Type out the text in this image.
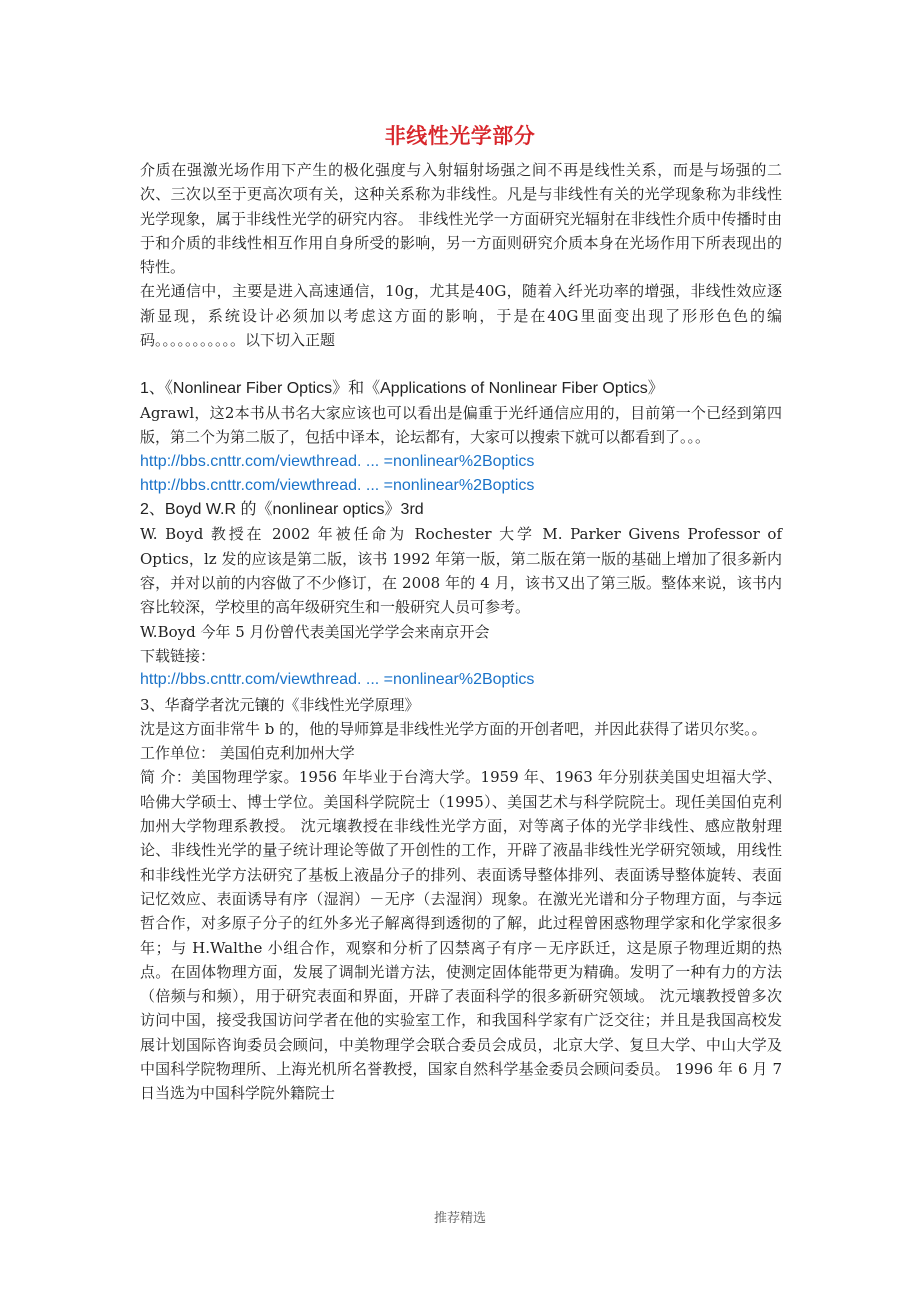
非线性光学部分

介质在强激光场作用下产生的极化强度与入射辐射场强之间不再是线性关系，而是与场强的二次、三次以至于更高次项有关，这种关系称为非线性。凡是与非线性有关的光学现象称为非线性光学现象，属于非线性光学的研究内容。 非线性光学一方面研究光辐射在非线性介质中传播时由于和介质的非线性相互作用自身所受的影响，另一方面则研究介质本身在光场作用下所表现出的特性。

在光通信中，主要是进入高速通信，10g，尤其是40G，随着入纤光功率的增强，非线性效应逐渐显现，系统设计必须加以考虑这方面的影响，于是在40G里面变出现了形形色色的编码。。。。。。。。。。。以下切入正题

1、《Nonlinear Fiber Optics》和《Applications of Nonlinear Fiber Optics》

Agrawl，这2本书从书名大家应该也可以看出是偏重于光纤通信应用的，目前第一个已经到第四版，第二个为第二版了，包括中译本，论坛都有，大家可以搜索下就可以都看到了。。。

http://bbs.cnttr.com/viewthread. ... =nonlinear%2Boptics
http://bbs.cnttr.com/viewthread. ... =nonlinear%2Boptics

2、Boyd W.R 的《nonlinear optics》3rd

W. Boyd 教授在 2002 年被任命为 Rochester 大学 M. Parker Givens Professor of Optics，lz 发的应该是第二版，该书 1992 年第一版，第二版在第一版的基础上增加了很多新内容，并对以前的内容做了不少修订，在 2008 年的 4 月，该书又出了第三版。整体来说，该书内容比较深，学校里的高年级研究生和一般研究人员可参考。

W.Boyd 今年 5 月份曾代表美国光学学会来南京开会

下载链接：

http://bbs.cnttr.com/viewthread. ... =nonlinear%2Boptics

3、华裔学者沈元镶的《非线性光学原理》

沈是这方面非常牛 b 的，他的导师算是非线性光学方面的开创者吧，并因此获得了诺贝尔奖。。

工作单位： 美国伯克利加州大学

简 介：美国物理学家。1956 年毕业于台湾大学。1959 年、1963 年分别获美国史坦福大学、哈佛大学硕士、博士学位。美国科学院院士（1995）、美国艺术与科学院院士。现任美国伯克利加州大学物理系教授。 沈元壤教授在非线性光学方面，对等离子体的光学非线性、感应散射理论、非线性光学的量子统计理论等做了开创性的工作，开辟了液晶非线性光学研究领域，用线性和非线性光学方法研究了基板上液晶分子的排列、表面诱导整体排列、表面诱导整体旋转、表面记忆效应、表面诱导有序（湿润）－无序（去湿润）现象。在激光光谱和分子物理方面，与李远哲合作，对多原子分子的红外多光子解离得到透彻的了解，此过程曾困惑物理学家和化学家很多年；与 H.Walthe 小组合作，观察和分析了囚禁离子有序－无序跃迁，这是原子物理近期的热点。在固体物理方面，发展了调制光谱方法，使测定固体能带更为精确。发明了一种有力的方法（倍频与和频），用于研究表面和界面，开辟了表面科学的很多新研究领域。 沈元壤教授曾多次访问中国，接受我国访问学者在他的实验室工作，和我国科学家有广泛交往；并且是我国高校发展计划国际咨询委员会顾问，中美物理学会联合委员会成员，北京大学、复旦大学、中山大学及中国科学院物理所、上海光机所名誉教授，国家自然科学基金委员会顾问委员。 1996 年 6 月 7 日当选为中国科学院外籍院士

推荐精选
